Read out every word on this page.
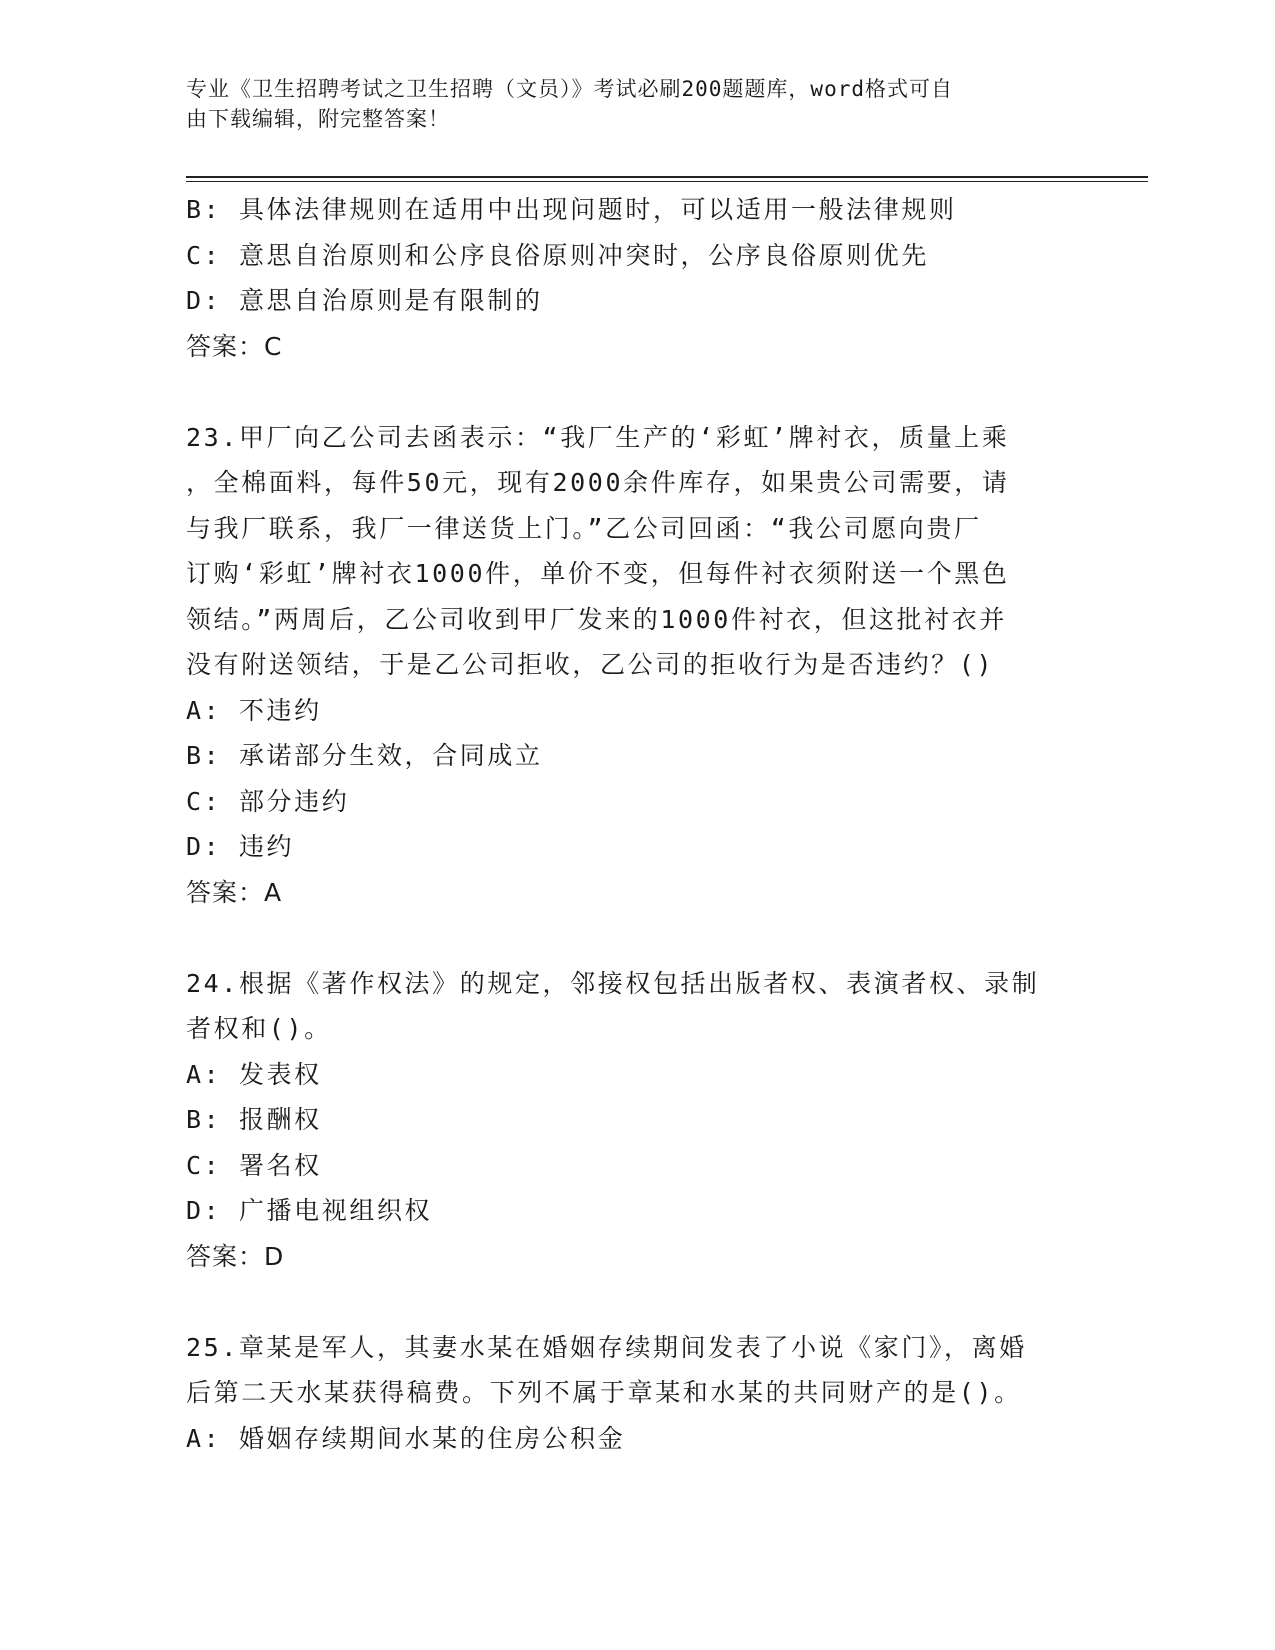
专业《卫生招聘考试之卫生招聘（文员）》考试必刷200题题库，word格式可自
由下载编辑，附完整答案！
B: 具体法律规则在适用中出现问题时，可以适用一般法律规则
C: 意思自治原则和公序良俗原则冲突时，公序良俗原则优先
D: 意思自治原则是有限制的
答案：C
23.甲厂向乙公司去函表示：“我厂生产的‘彩虹’牌衬衣，质量上乘
，全棉面料，每件50元，现有2000余件库存，如果贵公司需要，请
与我厂联系，我厂一律送货上门。”乙公司回函：“我公司愿向贵厂
订购‘彩虹’牌衬衣1000件，单价不变，但每件衬衣须附送一个黑色
领结。”两周后，乙公司收到甲厂发来的1000件衬衣，但这批衬衣并
没有附送领结，于是乙公司拒收，乙公司的拒收行为是否违约？()
A: 不违约
B: 承诺部分生效，合同成立
C: 部分违约
D: 违约
答案：A
24.根据《著作权法》的规定，邻接权包括出版者权、表演者权、录制
者权和()。
A: 发表权
B: 报酬权
C: 署名权
D: 广播电视组织权
答案：D
25.章某是军人，其妻水某在婚姻存续期间发表了小说《家门》，离婚
后第二天水某获得稿费。下列不属于章某和水某的共同财产的是()。
A: 婚姻存续期间水某的住房公积金
